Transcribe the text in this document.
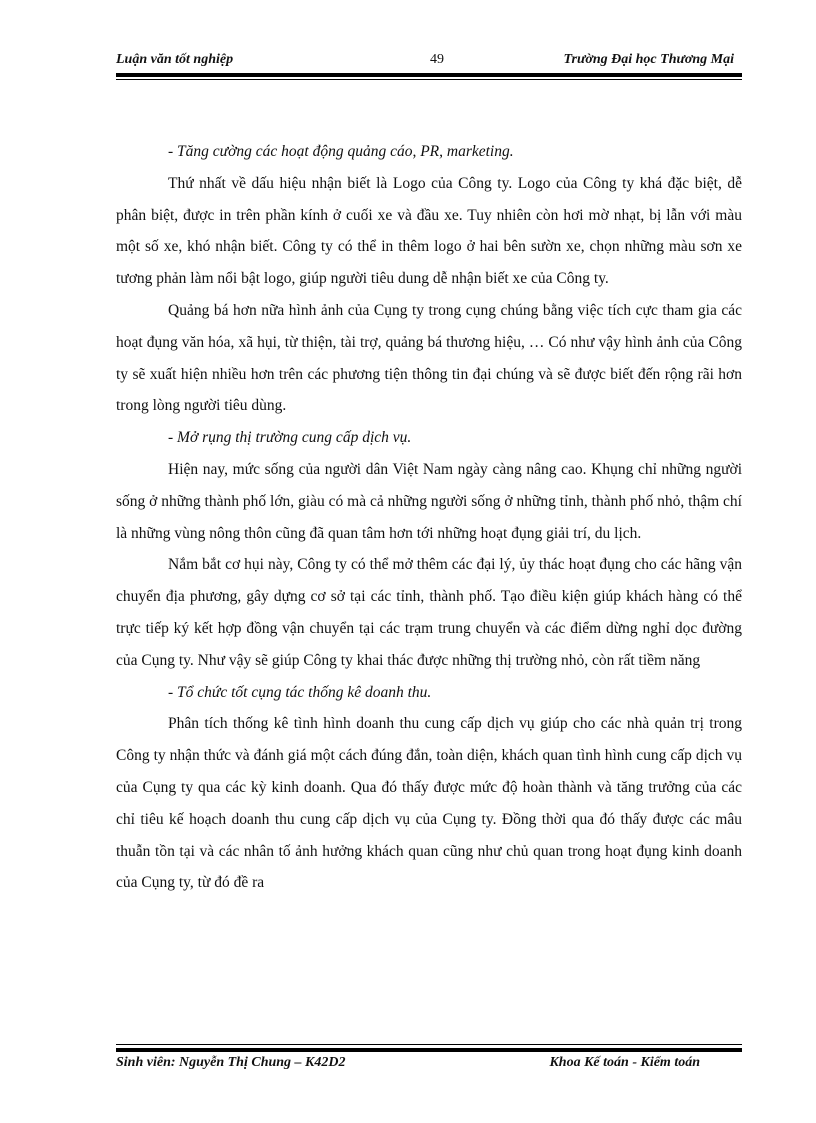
Luận văn tốt nghiệp	49	Trường Đại học Thương Mại

- Tăng cường các hoạt động quảng cáo, PR, marketing.

Thứ nhất về dấu hiệu nhận biết là Logo của Công ty. Logo của Công ty khá đặc biệt, dễ phân biệt, được in trên phần kính ở cuối xe và đầu xe. Tuy nhiên còn hơi mờ nhạt, bị lẫn với màu một số xe, khó nhận biết. Công ty có thể in thêm logo ở hai bên sườn xe, chọn những màu sơn xe tương phản làm nổi bật logo, giúp người tiêu dung dễ nhận biết xe của Công ty.

Quảng bá hơn nữa hình ảnh của Cụng ty trong cụng chúng bằng việc tích cực tham gia các hoạt đụng văn hóa, xã hụi, từ thiện, tài trợ, quảng bá thương hiệu, … Có như vậy hình ảnh của Công ty sẽ xuất hiện nhiều hơn trên các phương tiện thông tin đại chúng và sẽ được biết đến rộng rãi hơn trong lòng người tiêu dùng.

- Mở rụng thị trường cung cấp dịch vụ.

Hiện nay, mức sống của người dân Việt Nam ngày càng nâng cao. Khụng chỉ những người sống ở những thành phố lớn, giàu có mà cả những người sống ở những tỉnh, thành phố nhỏ, thậm chí là những vùng nông thôn cũng đã quan tâm hơn tới những hoạt đụng giải trí, du lịch.

Nắm bắt cơ hụi này, Công ty có thể mở thêm các đại lý, ủy thác hoạt đụng cho các hãng vận chuyển địa phương, gây dựng cơ sở tại các tỉnh, thành phố. Tạo điều kiện giúp khách hàng có thể trực tiếp ký kết hợp đồng vận chuyển tại các trạm trung chuyển và các điểm dừng nghỉ dọc đường của Cụng ty. Như vậy sẽ giúp Công ty khai thác được những thị trường nhỏ, còn rất tiềm năng

- Tổ chức tốt cụng tác thống kê doanh thu.

Phân tích thống kê tình hình doanh thu cung cấp dịch vụ giúp cho các nhà quản trị trong Công ty nhận thức và đánh giá một cách đúng đắn, toàn diện, khách quan tình hình cung cấp dịch vụ của Cụng ty qua các kỳ kinh doanh. Qua đó thấy được mức độ hoàn thành và tăng trưởng của các chỉ tiêu kế hoạch doanh thu cung cấp dịch vụ của Cụng ty. Đồng thời qua đó thấy được các mâu thuẫn tồn tại và các nhân tố ảnh hưởng khách quan cũng như chủ quan trong hoạt đụng kinh doanh của Cụng ty, từ đó đề ra

Sinh viên: Nguyễn Thị Chung – K42D2	Khoa Kế toán - Kiểm toán
